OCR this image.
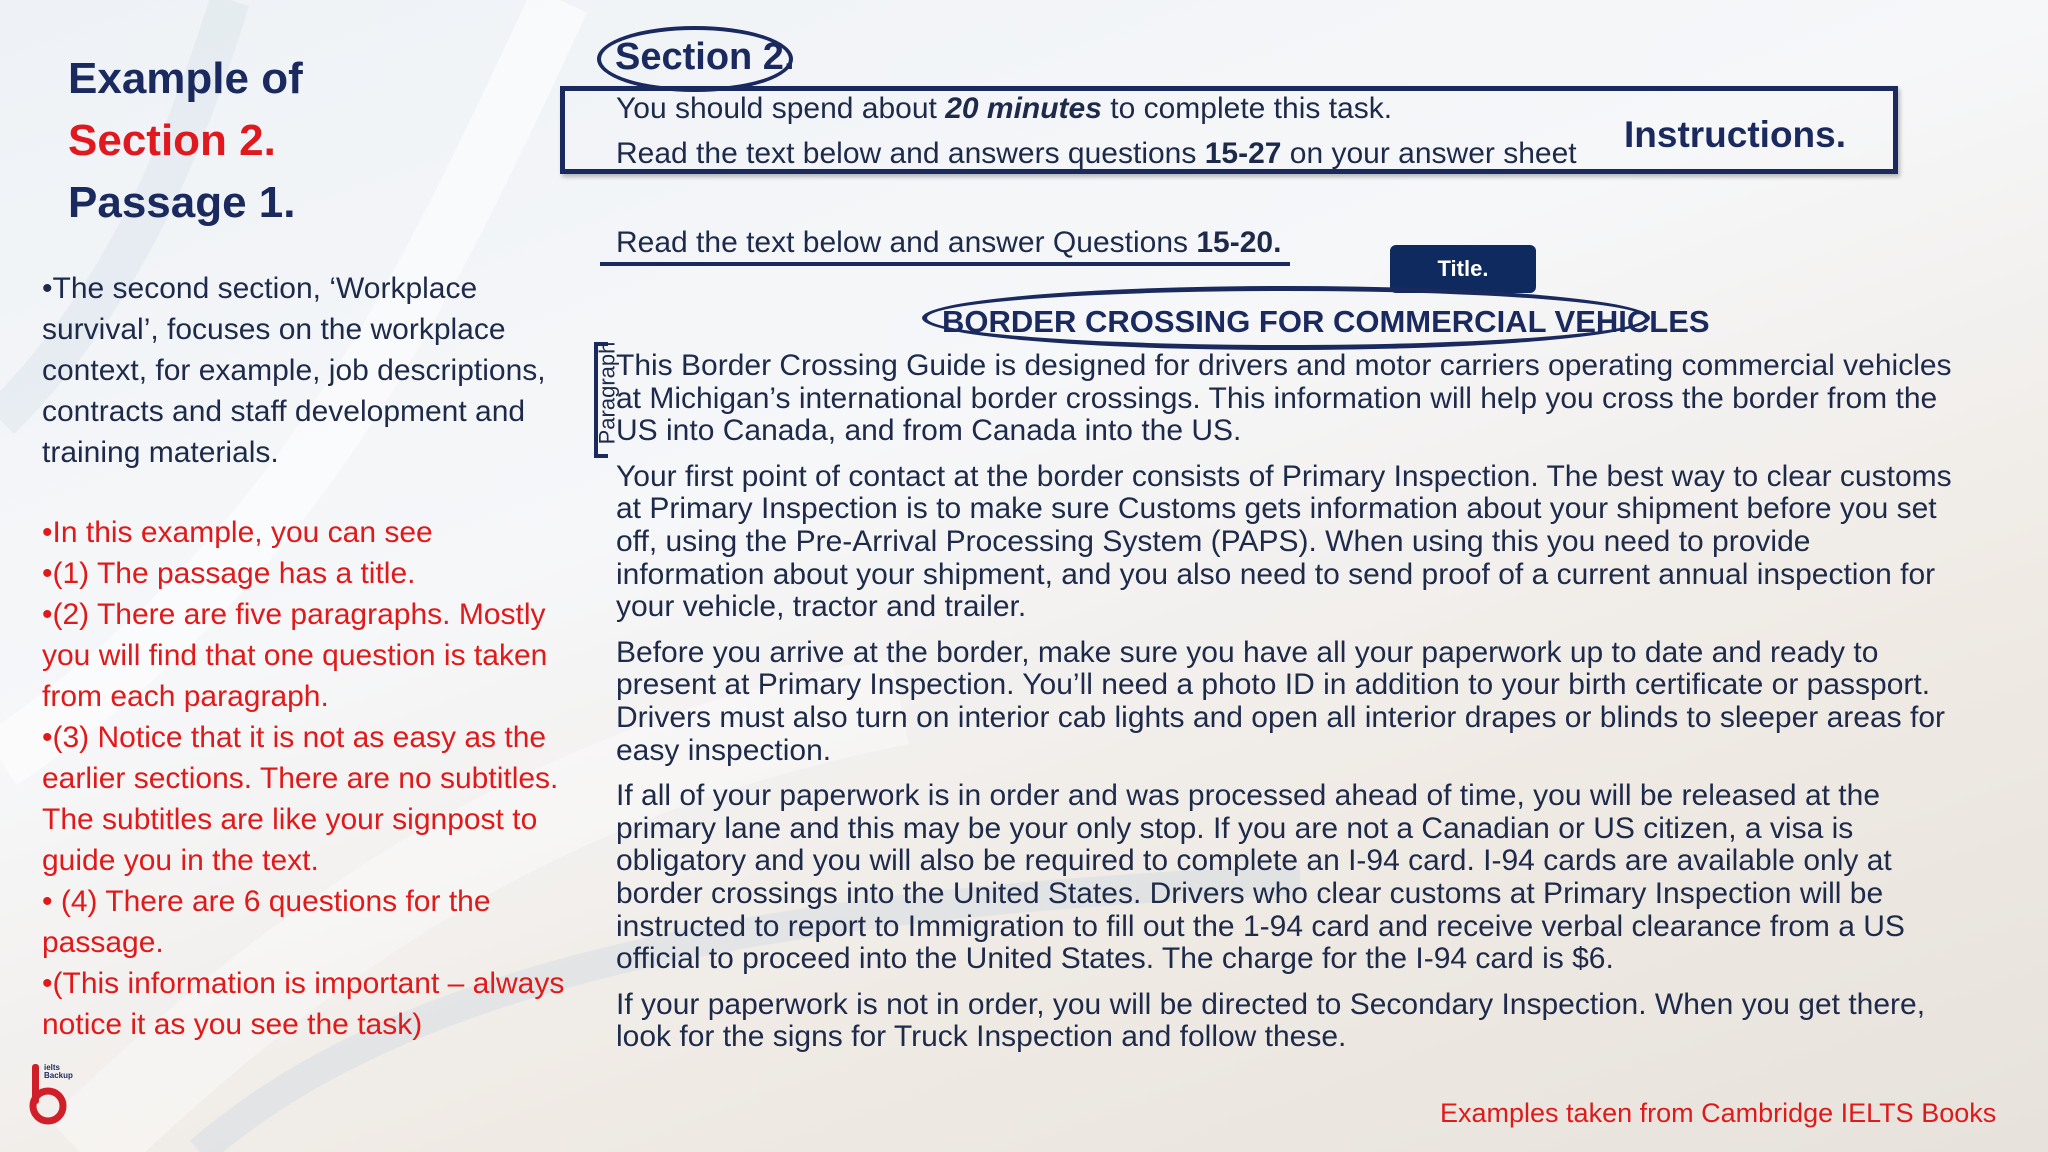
Example of
Section 2.
Passage 1.
•The second section, ‘Workplace survival’, focuses on the workplace context, for example, job descriptions, contracts and staff development and training materials.
•In this example, you can see
•(1) The passage has a title.
•(2) There are five paragraphs. Mostly you will find that one question is taken from each paragraph.
•(3) Notice that it is not as easy as the earlier sections. There are no subtitles. The subtitles are like your signpost to guide you in the text.
• (4) There are 6 questions for the passage.
•(This information is important – always notice it as you see the task)
ielts
Backup
Section 2.
You should spend about 20 minutes to complete this task.
Read the text below and answers questions 15-27 on your answer sheet Instructions.
Read the text below and answer Questions 15-20.
Title.
BORDER CROSSING FOR COMMERCIAL VEHICLES
Paragraph

This Border Crossing Guide is designed for drivers and motor carriers operating commercial vehicles at Michigan’s international border crossings. This information will help you cross the border from the US into Canada, and from Canada into the US.

Your first point of contact at the border consists of Primary Inspection. The best way to clear customs at Primary Inspection is to make sure Customs gets information about your shipment before you set off, using the Pre-Arrival Processing System (PAPS). When using this you need to provide information about your shipment, and you also need to send proof of a current annual inspection for your vehicle, tractor and trailer.

Before you arrive at the border, make sure you have all your paperwork up to date and ready to present at Primary Inspection. You’ll need a photo ID in addition to your birth certificate or passport. Drivers must also turn on interior cab lights and open all interior drapes or blinds to sleeper areas for easy inspection.

If all of your paperwork is in order and was processed ahead of time, you will be released at the primary lane and this may be your only stop. If you are not a Canadian or US citizen, a visa is obligatory and you will also be required to complete an I-94 card. I-94 cards are available only at border crossings into the United States. Drivers who clear customs at Primary Inspection will be instructed to report to Immigration to fill out the 1-94 card and receive verbal clearance from a US official to proceed into the United States. The charge for the I-94 card is $6.

If your paperwork is not in order, you will be directed to Secondary Inspection. When you get there, look for the signs for Truck Inspection and follow these.

Examples taken from Cambridge IELTS Books
